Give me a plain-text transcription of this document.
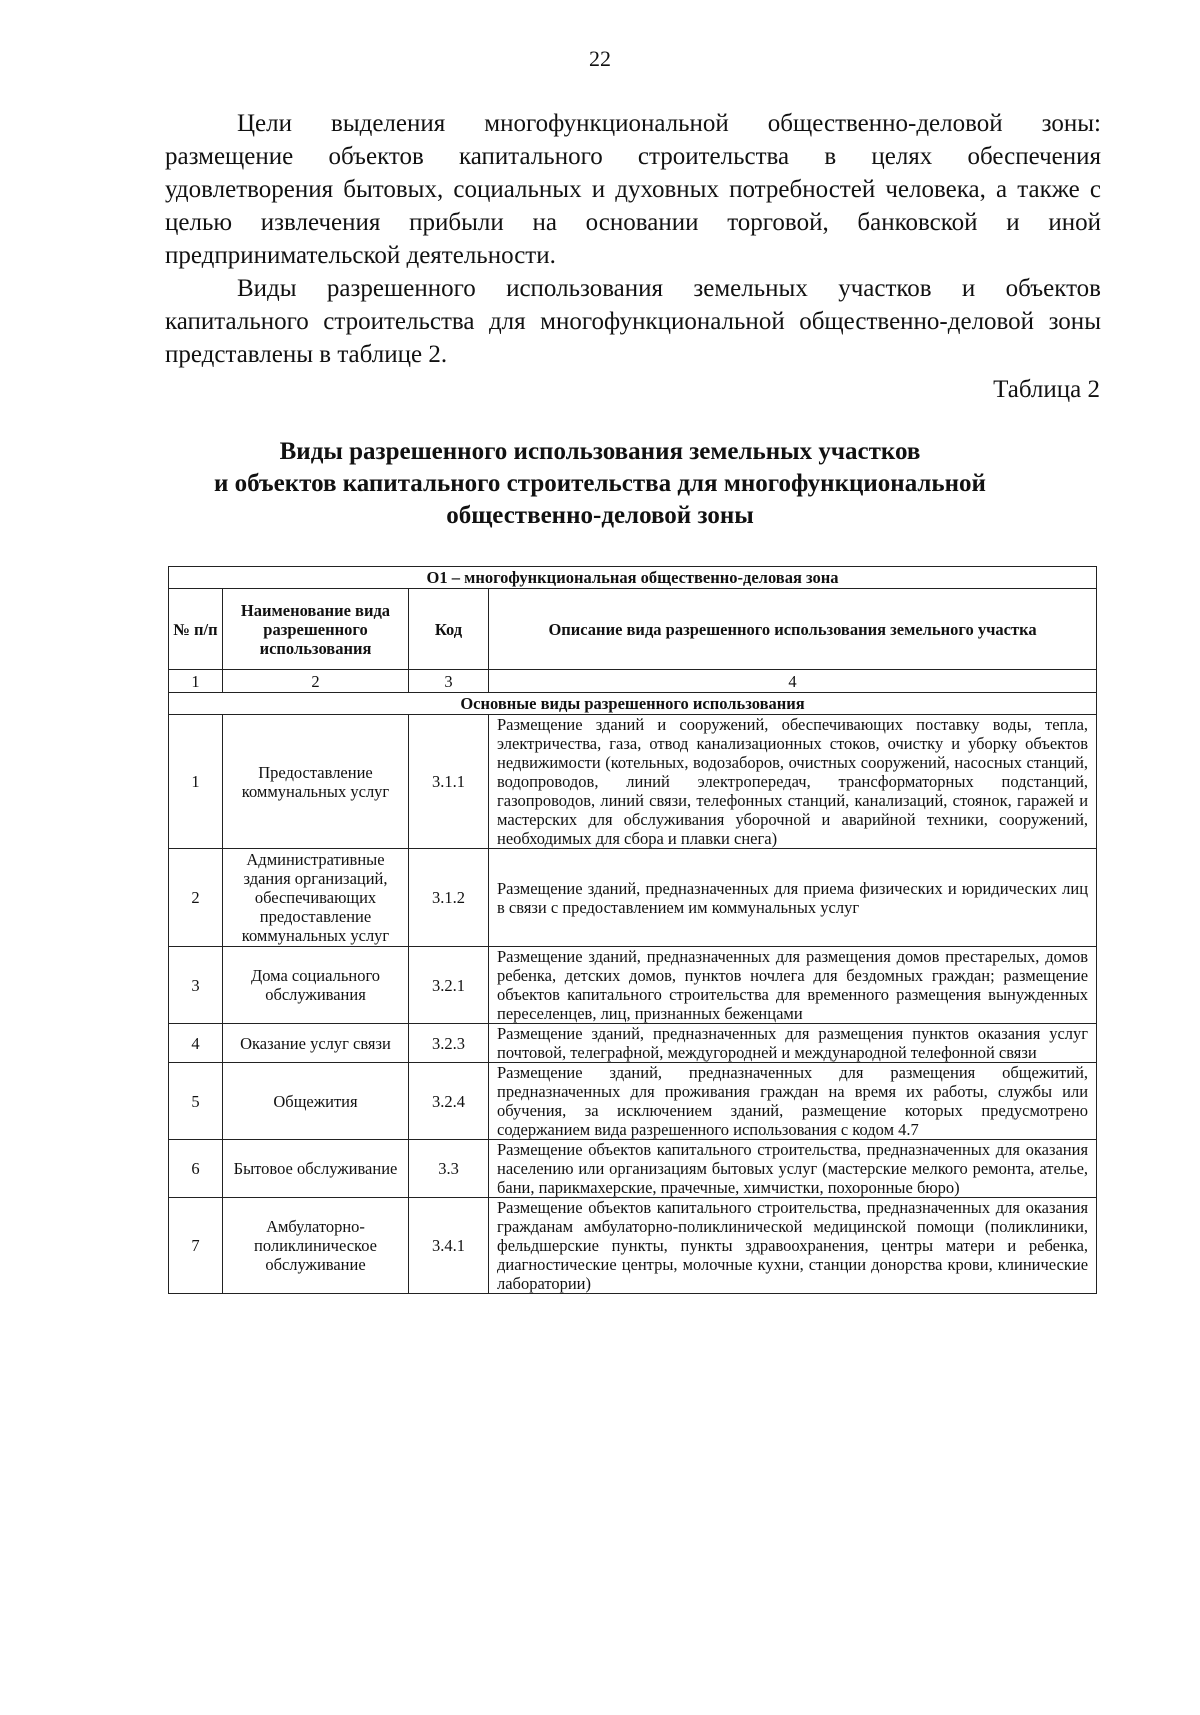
22

Цели выделения многофункциональной общественно-деловой зоны: размещение объектов капитального строительства в целях обеспечения удовлетворения бытовых, социальных и духовных потребностей человека, а также с целью извлечения прибыли на основании торговой, банковской и иной предпринимательской деятельности.

Виды разрешенного использования земельных участков и объектов капитального строительства для многофункциональной общественно-деловой зоны представлены в таблице 2.

Таблица 2
Виды разрешенного использования земельных участков
и объектов капитального строительства для многофункциональной
общественно-деловой зоны
О1 – многофункциональная общественно-деловая зона			
№ п/п	Наименование вида разрешенного использования	Код	Описание вида разрешенного использования земельного участка
1	2	3	4
Основные виды разрешенного использования			
1	Предоставление коммунальных услуг	3.1.1	Размещение зданий и сооружений, обеспечивающих поставку воды, тепла, электричества, газа, отвод канализационных стоков, очистку и уборку объектов недвижимости (котельных, водозаборов, очистных сооружений, насосных станций, водопроводов, линий электропередач, трансформаторных подстанций, газопроводов, линий связи, телефонных станций, канализаций, стоянок, гаражей и мастерских для обслуживания уборочной и аварийной техники, сооружений, необходимых для сбора и плавки снега)
2	Административные здания организаций, обеспечивающих предоставление коммунальных услуг	3.1.2	Размещение зданий, предназначенных для приема физических и юридических лиц в связи с предоставлением им коммунальных услуг
3	Дома социального обслуживания	3.2.1	Размещение зданий, предназначенных для размещения домов престарелых, домов ребенка, детских домов, пунктов ночлега для бездомных граждан; размещение объектов капитального строительства для временного размещения вынужденных переселенцев, лиц, признанных беженцами
4	Оказание услуг связи	3.2.3	Размещение зданий, предназначенных для размещения пунктов оказания услуг почтовой, телеграфной, междугородней и международной телефонной связи
5	Общежития	3.2.4	Размещение зданий, предназначенных для размещения общежитий, предназначенных для проживания граждан на время их работы, службы или обучения, за исключением зданий, размещение которых предусмотрено содержанием вида разрешенного использования с кодом 4.7
6	Бытовое обслуживание	3.3	Размещение объектов капитального строительства, предназначенных для оказания населению или организациям бытовых услуг (мастерские мелкого ремонта, ателье, бани, парикмахерские, прачечные, химчистки, похоронные бюро)
7	Амбулаторно-поликлиническое обслуживание	3.4.1	Размещение объектов капитального строительства, предназначенных для оказания гражданам амбулаторно-поликлинической медицинской помощи (поликлиники, фельдшерские пункты, пункты здравоохранения, центры матери и ребенка, диагностические центры, молочные кухни, станции донорства крови, клинические лаборатории)
